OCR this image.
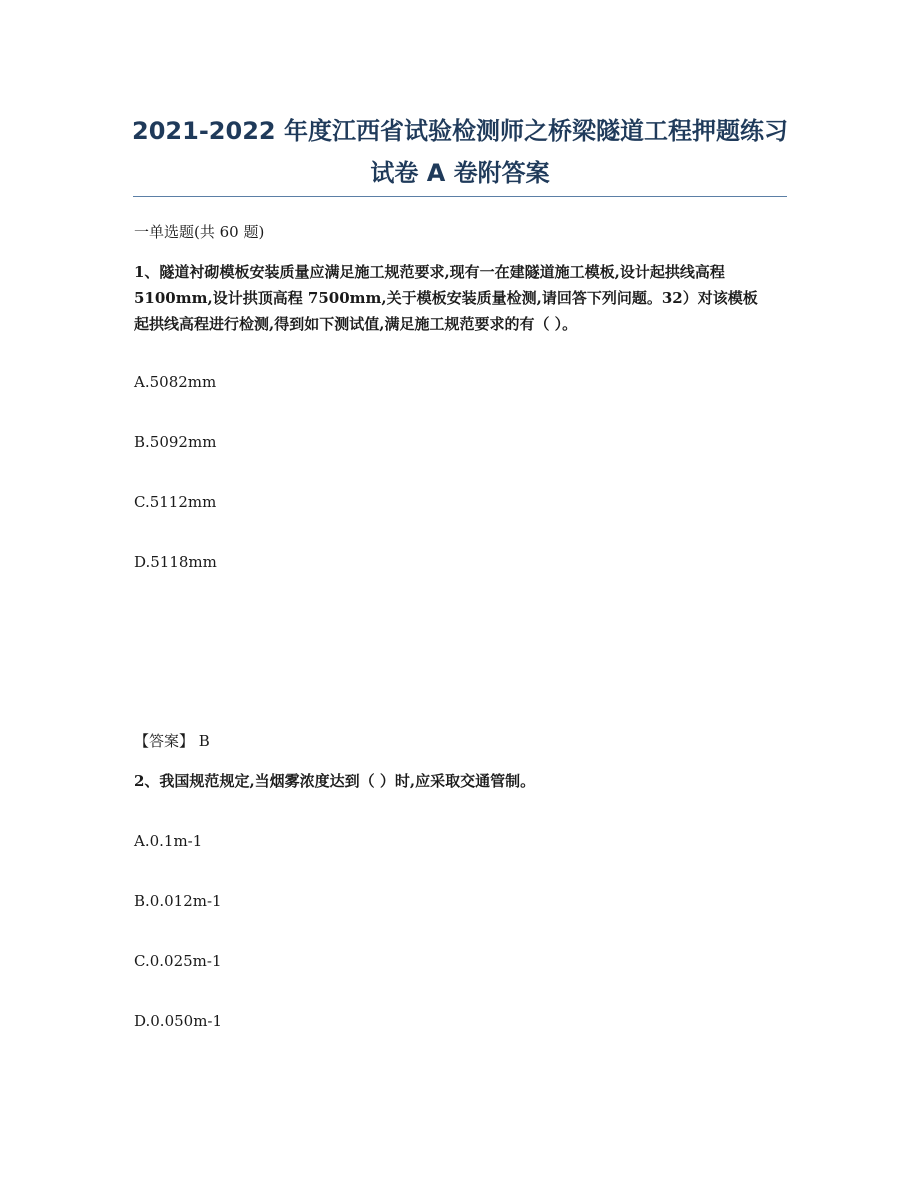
2021-2022 年度江西省试验检测师之桥梁隧道工程押题练习
试卷 A 卷附答案
一单选题(共 60 题)
1、隧道衬砌模板安装质量应满足施工规范要求,现有一在建隧道施工模板,设计起拱线高程
5100mm,设计拱顶高程 7500mm,关于模板安装质量检测,请回答下列问题。32）对该模板
起拱线高程进行检测,得到如下测试值,满足施工规范要求的有（ ）。
A.5082mm
B.5092mm
C.5112mm
D.5118mm
【答案】 B
2、我国规范规定,当烟雾浓度达到（ ）时,应采取交通管制。
A.0.1m-1
B.0.012m-1
C.0.025m-1
D.0.050m-1
